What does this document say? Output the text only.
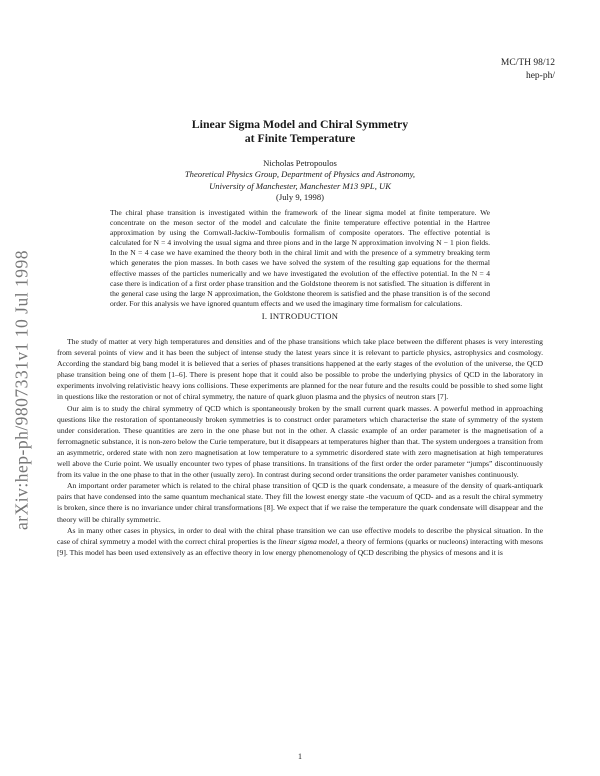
arXiv:hep-ph/9807331v1 10 Jul 1998
MC/TH 98/12
hep-ph/
Linear Sigma Model and Chiral Symmetry
at Finite Temperature
Nicholas Petropoulos
Theoretical Physics Group, Department of Physics and Astronomy,
University of Manchester, Manchester M13 9PL, UK
(July 9, 1998)
The chiral phase transition is investigated within the framework of the linear sigma model at finite temperature. We concentrate on the meson sector of the model and calculate the finite temperature effective potential in the Hartree approximation by using the Cornwall-Jackiw-Tomboulis formalism of composite operators. The effective potential is calculated for N = 4 involving the usual sigma and three pions and in the large N approximation involving N − 1 pion fields. In the N = 4 case we have examined the theory both in the chiral limit and with the presence of a symmetry breaking term which generates the pion masses. In both cases we have solved the system of the resulting gap equations for the thermal effective masses of the particles numerically and we have investigated the evolution of the effective potential. In the N = 4 case there is indication of a first order phase transition and the Goldstone theorem is not satisfied. The situation is different in the general case using the large N approximation, the Goldstone theorem is satisfied and the phase transition is of the second order. For this analysis we have ignored quantum effects and we used the imaginary time formalism for calculations.
I. INTRODUCTION

The study of matter at very high temperatures and densities and of the phase transitions which take place between the different phases is very interesting from several points of view and it has been the subject of intense study the latest years since it is relevant to particle physics, astrophysics and cosmology. According the standard big bang model it is believed that a series of phases transitions happened at the early stages of the evolution of the universe, the QCD phase transition being one of them [1–6]. There is present hope that it could also be possible to probe the underlying physics of QCD in the laboratory in experiments involving relativistic heavy ions collisions. These experiments are planned for the near future and the results could be possible to shed some light in questions like the restoration or not of chiral symmetry, the nature of quark gluon plasma and the physics of neutron stars [7].

Our aim is to study the chiral symmetry of QCD which is spontaneously broken by the small current quark masses. A powerful method in approaching questions like the restoration of spontaneously broken symmetries is to construct order parameters which characterise the state of symmetry of the system under consideration. These quantities are zero in the one phase but not in the other. A classic example of an order parameter is the magnetisation of a ferromagnetic substance, it is non-zero below the Curie temperature, but it disappears at temperatures higher than that. The system undergoes a transition from an asymmetric, ordered state with non zero magnetisation at low temperature to a symmetric disordered state with zero magnetisation at high temperatures well above the Curie point. We usually encounter two types of phase transitions. In transitions of the first order the order parameter “jumps” discontinuously from its value in the one phase to that in the other (usually zero). In contrast during second order transitions the order parameter vanishes continuously.

An important order parameter which is related to the chiral phase transition of QCD is the quark condensate, a measure of the density of quark-antiquark pairs that have condensed into the same quantum mechanical state. They fill the lowest energy state -the vacuum of QCD- and as a result the chiral symmetry is broken, since there is no invariance under chiral transformations [8]. We expect that if we raise the temperature the quark condensate will disappear and the theory will be chirally symmetric.

As in many other cases in physics, in order to deal with the chiral phase transition we can use effective models to describe the physical situation. In the case of chiral symmetry a model with the correct chiral properties is the linear sigma model, a theory of fermions (quarks or nucleons) interacting with mesons [9]. This model has been used extensively as an effective theory in low energy phenomenology of QCD describing the physics of mesons and it is

1
